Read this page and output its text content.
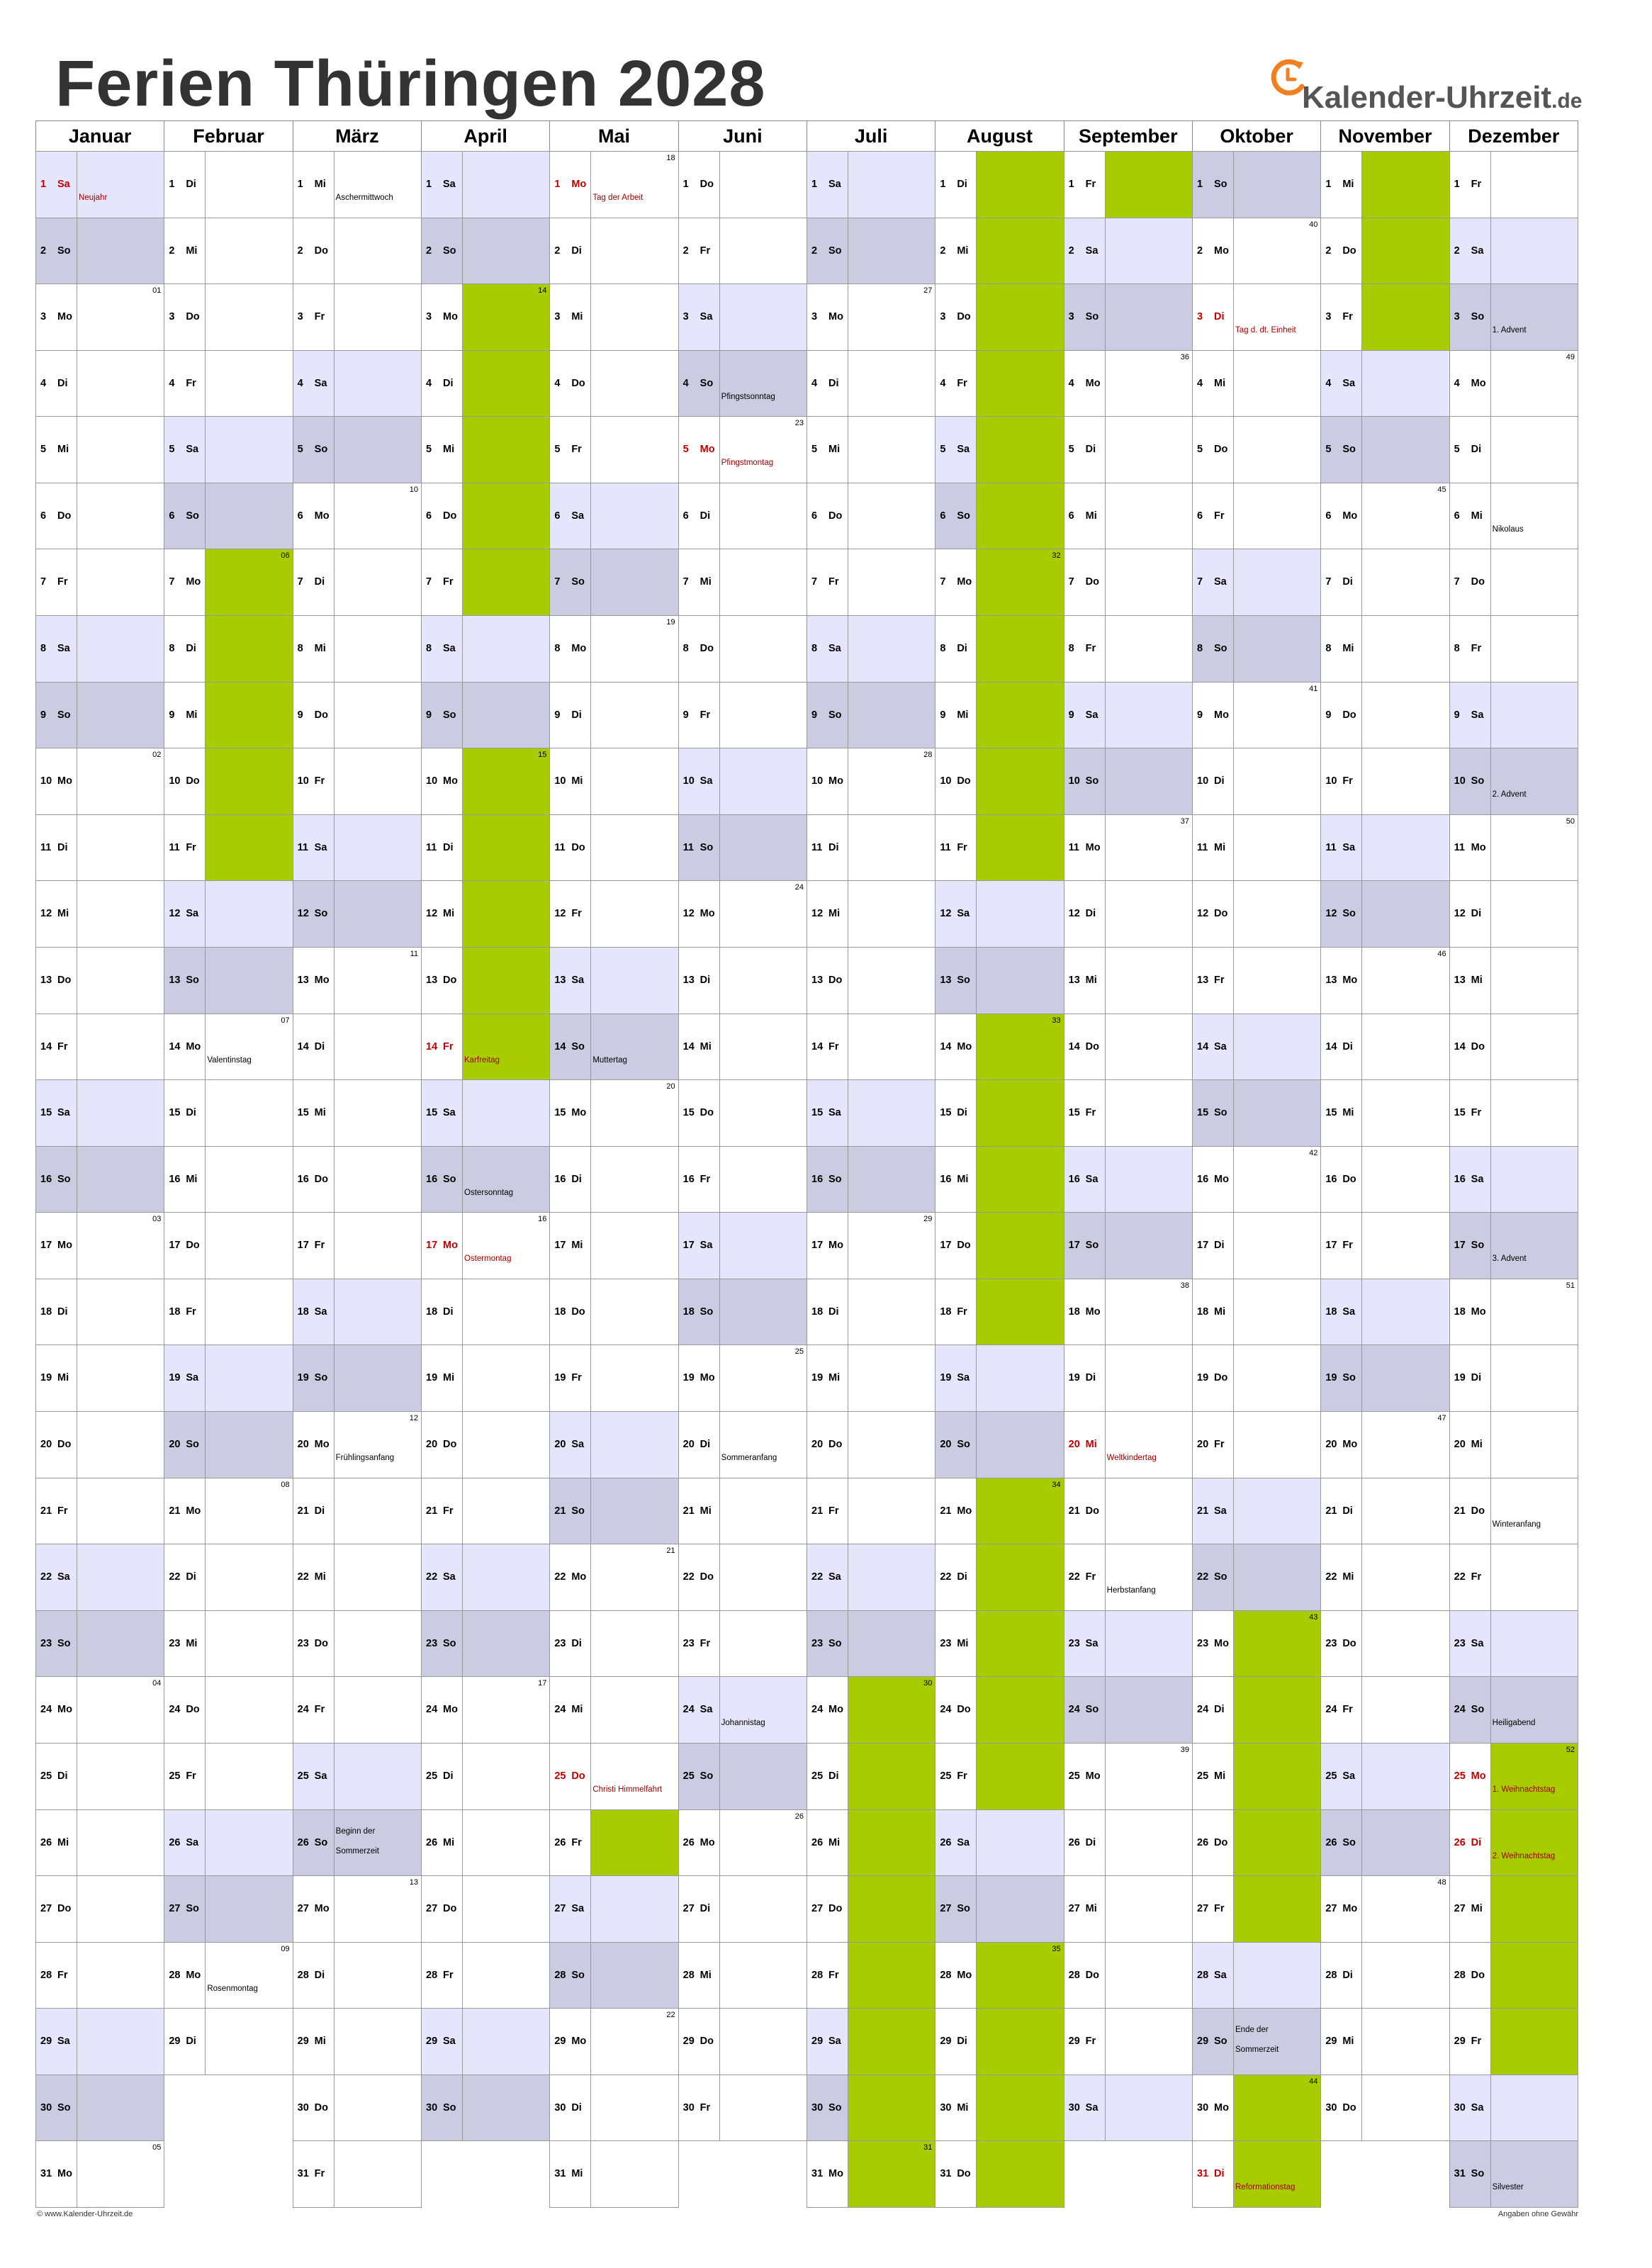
Ferien Thüringen 2028	Kalender-Uhrzeit.de
Januar
1 Sa
Neujahr
2 So
3 Mo
01
4 Di
5 Mi
6 Do
7 Fr
8 Sa
9 So
10 Mo
02
11 Di
12 Mi
13 Do
14 Fr
15 Sa
16 So
17 Mo
03
18 Di
19 Mi
20 Do
21 Fr
22 Sa
23 So
24 Mo
04
25 Di
26 Mi
27 Do
28 Fr
29 Sa
30 So
31 Mo
05
Februar
1 Di
2 Mi
3 Do
4 Fr
5 Sa
6 So
7 Mo
06
8 Di
9 Mi
10 Do
11 Fr
12 Sa
13 So
14 Mo
Valentinstag
07
15 Di
16 Mi
17 Do
18 Fr
19 Sa
20 So
21 Mo
08
22 Di
23 Mi
24 Do
25 Fr
26 Sa
27 So
28 Mo
Rosenmontag
09
29 Di
März
1 Mi
Aschermittwoch
2 Do
3 Fr
4 Sa
5 So
6 Mo
10
7 Di
8 Mi
9 Do
10 Fr
11 Sa
12 So
13 Mo
11
14 Di
15 Mi
16 Do
17 Fr
18 Sa
19 So
20 Mo
Frühlingsanfang
12
21 Di
22 Mi
23 Do
24 Fr
25 Sa
26 So
Beginn der
Sommerzeit
27 Mo
13
28 Di
29 Mi
30 Do
31 Fr
April
1 Sa
2 So
3 Mo
14
4 Di
5 Mi
6 Do
7 Fr
8 Sa
9 So
10 Mo
15
11 Di
12 Mi
13 Do
14 Fr
Karfreitag
15 Sa
16 So
Ostersonntag
17 Mo
Ostermontag
16
18 Di
19 Mi
20 Do
21 Fr
22 Sa
23 So
24 Mo
17
25 Di
26 Mi
27 Do
28 Fr
29 Sa
30 So
Mai
1 Mo
Tag der Arbeit
18
2 Di
3 Mi
4 Do
5 Fr
6 Sa
7 So
8 Mo
19
9 Di
10 Mi
11 Do
12 Fr
13 Sa
14 So
Muttertag
15 Mo
20
16 Di
17 Mi
18 Do
19 Fr
20 Sa
21 So
22 Mo
21
23 Di
24 Mi
25 Do
Christi Himmelfahrt
26 Fr
27 Sa
28 So
29 Mo
22
30 Di
31 Mi
Juni
1 Do
2 Fr
3 Sa
4 So
Pfingstsonntag
5 Mo
Pfingstmontag
23
6 Di
7 Mi
8 Do
9 Fr
10 Sa
11 So
12 Mo
24
13 Di
14 Mi
15 Do
16 Fr
17 Sa
18 So
19 Mo
25
20 Di
Sommeranfang
21 Mi
22 Do
23 Fr
24 Sa
Johannistag
25 So
26 Mo
26
27 Di
28 Mi
29 Do
30 Fr
Juli
1 Sa
2 So
3 Mo
27
4 Di
5 Mi
6 Do
7 Fr
8 Sa
9 So
10 Mo
28
11 Di
12 Mi
13 Do
14 Fr
15 Sa
16 So
17 Mo
29
18 Di
19 Mi
20 Do
21 Fr
22 Sa
23 So
24 Mo
30
25 Di
26 Mi
27 Do
28 Fr
29 Sa
30 So
31 Mo
31
August
1 Di
2 Mi
3 Do
4 Fr
5 Sa
6 So
7 Mo
32
8 Di
9 Mi
10 Do
11 Fr
12 Sa
13 So
14 Mo
33
15 Di
16 Mi
17 Do
18 Fr
19 Sa
20 So
21 Mo
34
22 Di
23 Mi
24 Do
25 Fr
26 Sa
27 So
28 Mo
35
29 Di
30 Mi
31 Do
September
1 Fr
2 Sa
3 So
4 Mo
36
5 Di
6 Mi
7 Do
8 Fr
9 Sa
10 So
11 Mo
37
12 Di
13 Mi
14 Do
15 Fr
16 Sa
17 So
18 Mo
38
19 Di
20 Mi
Weltkindertag
21 Do
22 Fr
Herbstanfang
23 Sa
24 So
25 Mo
39
26 Di
27 Mi
28 Do
29 Fr
30 Sa
Oktober
1 So
2 Mo
40
3 Di
Tag d. dt. Einheit
4 Mi
5 Do
6 Fr
7 Sa
8 So
9 Mo
41
10 Di
11 Mi
12 Do
13 Fr
14 Sa
15 So
16 Mo
42
17 Di
18 Mi
19 Do
20 Fr
21 Sa
22 So
23 Mo
43
24 Di
25 Mi
26 Do
27 Fr
28 Sa
29 So
Ende der
Sommerzeit
30 Mo
44
31 Di
Reformationstag
November
1 Mi
2 Do
3 Fr
4 Sa
5 So
6 Mo
45
7 Di
8 Mi
9 Do
10 Fr
11 Sa
12 So
13 Mo
46
14 Di
15 Mi
16 Do
17 Fr
18 Sa
19 So
20 Mo
47
21 Di
22 Mi
23 Do
24 Fr
25 Sa
26 So
27 Mo
48
28 Di
29 Mi
30 Do
Dezember
1 Fr
2 Sa
3 So
1. Advent
4 Mo
49
5 Di
6 Mi
Nikolaus
7 Do
8 Fr
9 Sa
10 So
2. Advent
11 Mo
50
12 Di
13 Mi
14 Do
15 Fr
16 Sa
17 So
3. Advent
18 Mo
51
19 Di
20 Mi
21 Do
Winteranfang
22 Fr
23 Sa
24 So
Heiligabend
25 Mo
1. Weihnachtstag
52
26 Di
2. Weihnachtstag
27 Mi
28 Do
29 Fr
30 Sa
31 So
Silvester
© www.Kalender-Uhrzeit.de	Angaben ohne Gewähr
